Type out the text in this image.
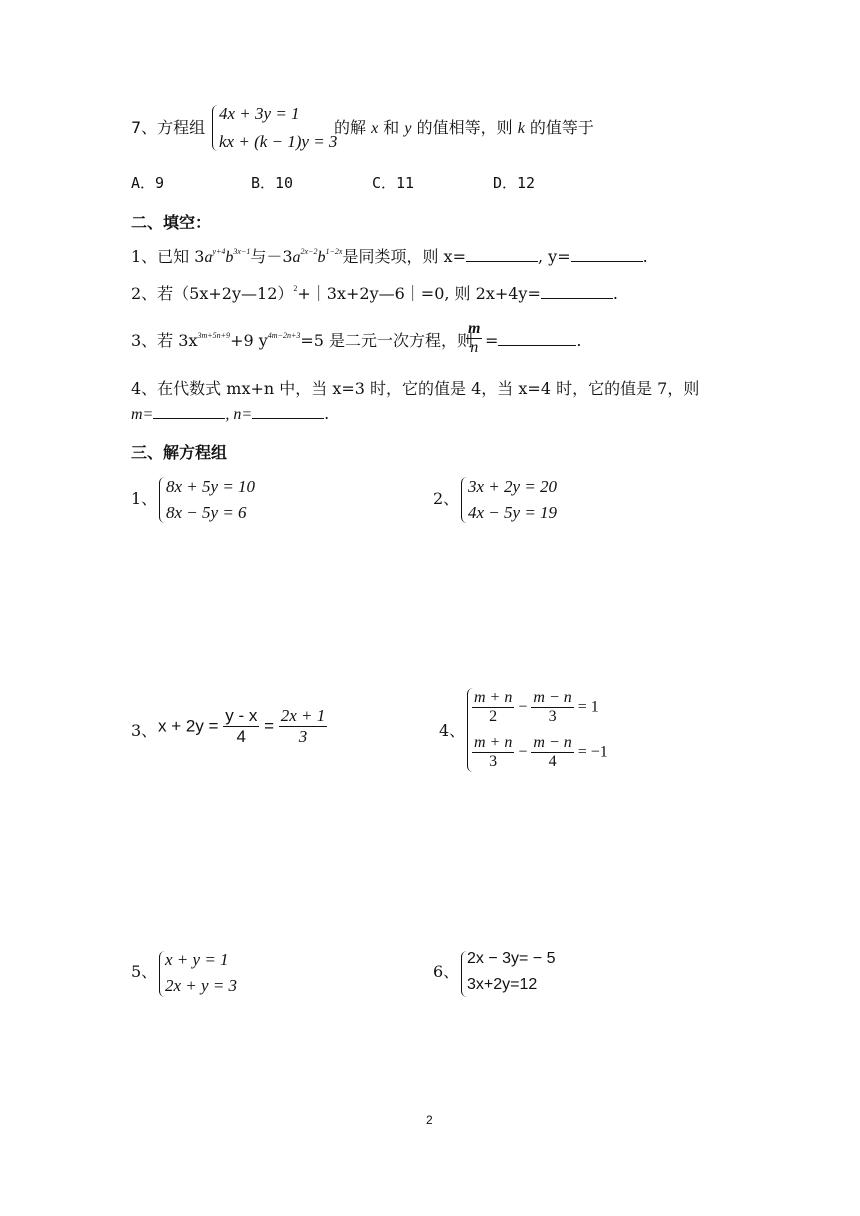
7、方程组
4x + 3y = 1
kx + (k − 1)y = 3
的解 x 和 y 的值相等，则 k 的值等于
A．9	B．10	C．11	D．12
二、填空：
1、已知 $3a^{y+4}b^{3x-1}$与$-3a^{2x-2}b^{1-2x}$是同类项，则 x=	, y=	.
2、若（5x+2y—12）$^2$+｜3x+2y—6｜=0, 则 2x+4y=	.
3、若 $3x^{3m+5n+9}+9$ $y^{4m-2n+3}=5$ 是二元一次方程，则
m
n =	.
4、在代数式 mx+n 中，当 x=3 时，它的值是 4，当 x=4 时，它的值是 7，则
m=	, n=	.
三、解方程组
1、
8x + 5y = 10
8x − 5y = 6
2、
3x + 2y = 20
4x − 5y = 19
3、 $x + 2y = \frac{y - x}{4} = \frac{2x + 1}{3}$	4、
$\frac{m + n}{2} - \frac{m - n}{3} = 1$
$\frac{m + n}{3} - \frac{m - n}{4} = -1$
5、
x + y = 1
2x + y = 3
6、
2x − 3y= − 5
3x+2y=12
2
